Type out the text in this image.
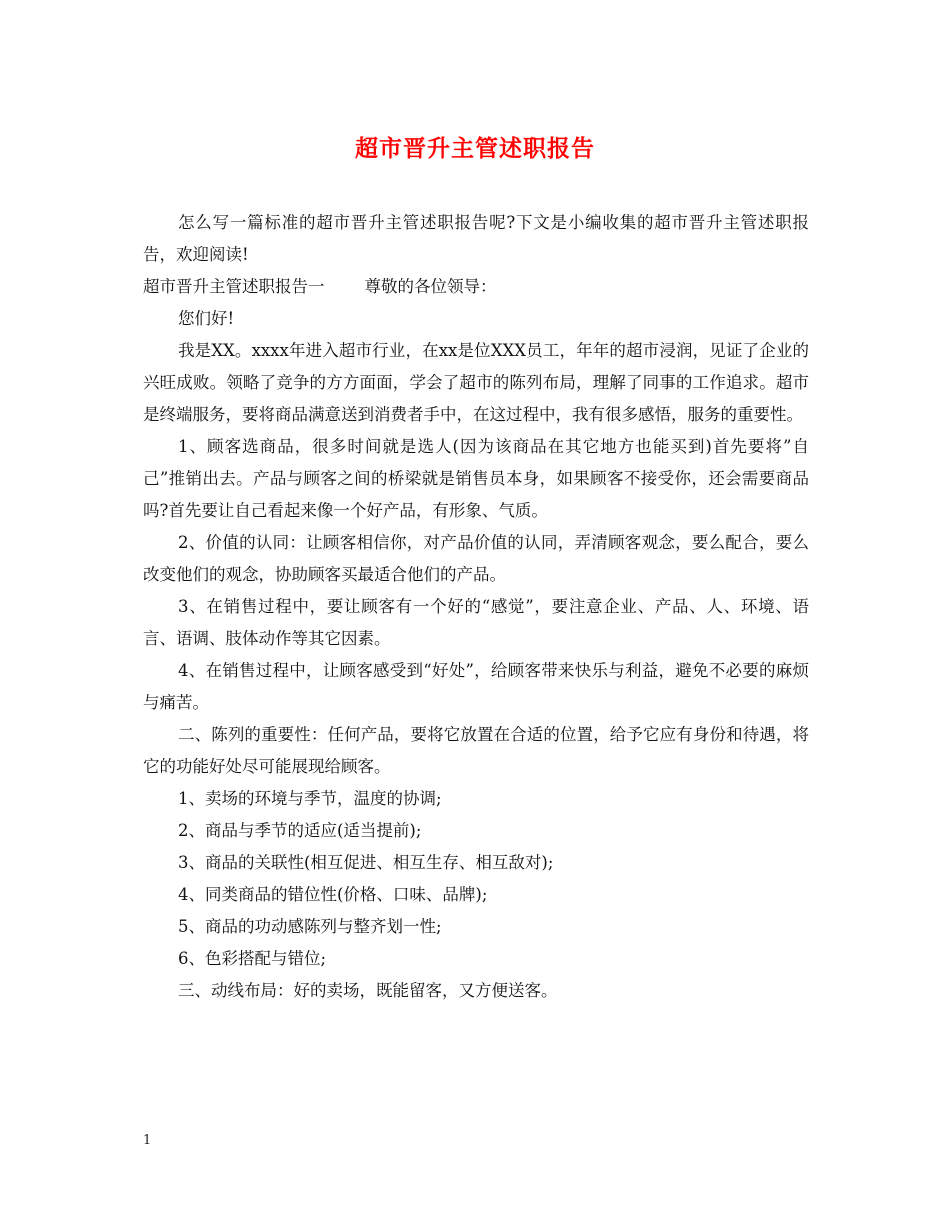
超市晋升主管述职报告

怎么写一篇标准的超市晋升主管述职报告呢?下文是小编收集的超市晋升主管述职报告，欢迎阅读!

超市晋升主管述职报告一 尊敬的各位领导：

您们好!

我是XX。xxxx年进入超市行业，在xx是位XXX员工，年年的超市浸润，见证了企业的兴旺成败。领略了竞争的方方面面，学会了超市的陈列布局，理解了同事的工作追求。超市是终端服务，要将商品满意送到消费者手中，在这过程中，我有很多感悟，服务的重要性。

1、顾客选商品，很多时间就是选人(因为该商品在其它地方也能买到)首先要将”自己”推销出去。产品与顾客之间的桥梁就是销售员本身，如果顾客不接受你，还会需要商品吗?首先要让自己看起来像一个好产品，有形象、气质。

2、价值的认同：让顾客相信你，对产品价值的认同，弄清顾客观念，要么配合，要么改变他们的观念，协助顾客买最适合他们的产品。

3、在销售过程中，要让顾客有一个好的“感觉”，要注意企业、产品、人、环境、语言、语调、肢体动作等其它因素。

4、在销售过程中，让顾客感受到“好处”，给顾客带来快乐与利益，避免不必要的麻烦与痛苦。

二、陈列的重要性：任何产品，要将它放置在合适的位置，给予它应有身份和待遇，将它的功能好处尽可能展现给顾客。

1、卖场的环境与季节，温度的协调;

2、商品与季节的适应(适当提前);

3、商品的关联性(相互促进、相互生存、相互敌对);

4、同类商品的错位性(价格、口味、品牌);

5、商品的功动感陈列与整齐划一性;

6、色彩搭配与错位;

三、动线布局：好的卖场，既能留客，又方便送客。

1
